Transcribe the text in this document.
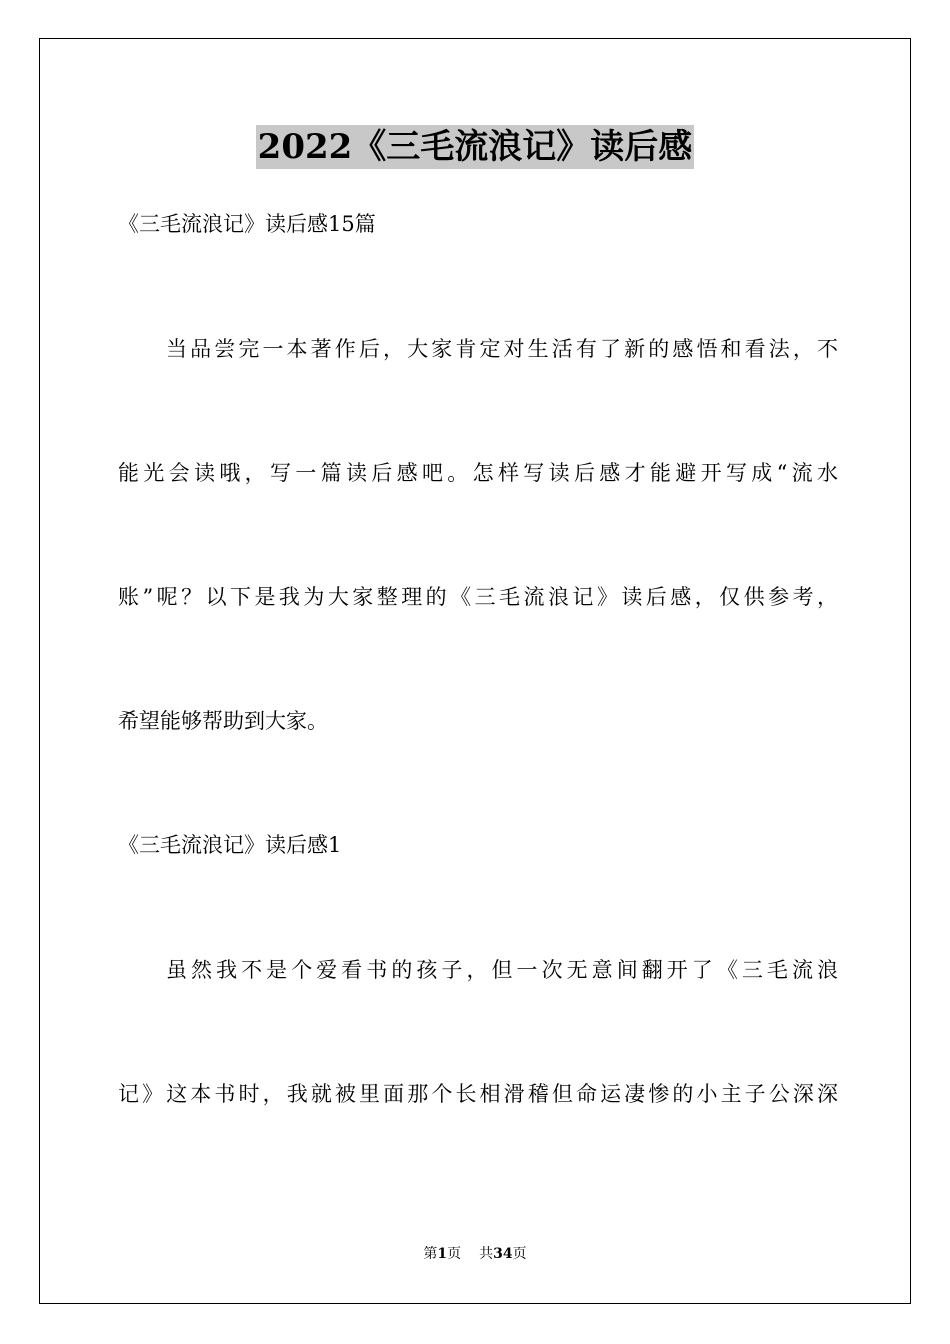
2022《三毛流浪记》读后感
《三毛流浪记》读后感15篇
当品尝完一本著作后，大家肯定对生活有了新的感悟和看法，不
能光会读哦，写一篇读后感吧。怎样写读后感才能避开写成“流水
账”呢？以下是我为大家整理的《三毛流浪记》读后感，仅供参考，
希望能够帮助到大家。
《三毛流浪记》读后感1
虽然我不是个爱看书的孩子，但一次无意间翻开了《三毛流浪
记》这本书时，我就被里面那个长相滑稽但命运凄惨的小主子公深深
第1页 共34页
